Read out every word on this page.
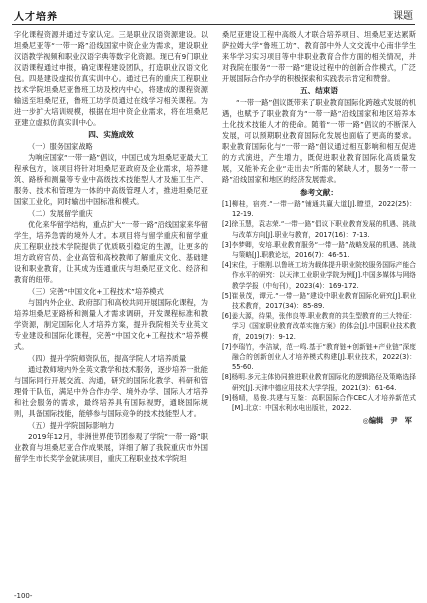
人才培养	课题

字化课程资源并通过专家认定。三是职业汉语资源建设。以坦桑尼亚等“一带一路”沿线国家中资企业为需求，建设职业汉语教学视频和职业汉语字典等数字化资源。现已有9门职业汉语课程通过申报，确定课程建设团队，打造职业汉语文化包。四是建设虚拟仿真实训中心。通过已有的重庆工程职业技术学院坦桑尼亚鲁班工坊及校内中心，将建成的课程资源输送至坦桑尼亚，鲁班工坊学员通过在线学习相关课程。为进一步扩大培训规模，根据在坦中资企业需求，将在坦桑尼亚建立虚拟仿真实训中心。

四、实施成效

（一）服务国家战略

为响应国家“一带一路”倡议，中国已成为坦桑尼亚最大工程承包方，该项目将针对坦桑尼亚政府及企业需求，培养建筑、路桥和测量等专业中高级技术技能型人才及施工生产、服务、技术和管理为一体的中高级管理人才，推进坦桑尼亚国家工业化，同时输出中国标准和模式。

（二）发展留学重庆

优化来华留学结构，重点扩大“一带一路”沿线国家来华留学生，培养急需的境外人才。本项目将与留学重庆和留学重庆工程职业技术学院提供了优质吸引稳定的生源，让更多的坦方政府官员、企业高管和高校教师了解重庆文化、基础建设和职业教育，让其成为连通重庆与坦桑尼亚文化、经济和教育的纽带。

（三）完善“中国文化+工程技术”培养模式

与国内外企业、政府部门和高校共同开展国际化课程，为培养坦桑尼亚路桥和测量人才需求调研，开发课程标准和教学资源，制定国际化人才培养方案，提升我院相关专业英文专业建设和国际化课程，完善“中国文化+工程技术”培养模式。

（四）提升学院师资队伍，提高学院人才培养质量

通过教师境内外全英文教学和技术服务，逐步培养一批能与国际同行开展交流、沟通，研究的国际化教学、科研和管理骨干队伍，满足中外合作办学、境外办学、国际人才培养和社会服务的需求，最终培养具有国际视野，通晓国际规则，具备国际技能，能够参与国际竞争的技术技能型人才。

（五）提升学院国际影响力

2019年12月，非洲世界使节团参观了学院“一带一路”职业教育与坦桑尼亚合作成果展，详细了解了我院重庆市外国留学生市长奖学金就读项目，重庆工程职业技术学院坦

桑尼亚建设工程中高级人才联合培养项目、坦桑尼亚达累斯萨拉姆大学“鲁班工坊”、教育部中外人文交流中心南非学生来华学习实习项目等中非职业教育合作方面的相关情况，并对我院在服务“一带一路”建设过程中的创新合作模式，广泛开展国际合作办学的积极探索和实践表示肯定和赞誉。

五、结束语

“一带一路”倡议既带来了职业教育国际化跨越式发展的机遇，也赋予了职业教育为“一带一路”沿线国家和地区培养本土化技术技能人才的使命。随着“一带一路”倡议的不断深入发展，可以预期职业教育国际化发展也面临了更高的要求。职业教育国际化与“一带一路”倡议通过相互影响和相互促进的方式演进，产生增力，既促进职业教育国际化高质量发展，又能补充企业“走出去”所需的紧缺人才，服务“一带一路”沿线国家和地区的经济发展需求。

参考文献：

[1]柳桂，宿亮.“一带一路”铺通共赢大道[J].瞭望，2022(25)：12-19.

[2]徐玉慧，袁志荣.“一带一路”倡议下职业教育发展的机遇、挑战与改革方向[J].职业与教育，2017(16)：7-13.

[3]李梦卿，安培.职业教育服务“一带一路”战略发展的机遇、挑战与策略[J].职教论坛，2016(7)：46-51.

[4]宋佳，于维刚.以鲁班工坊为载体提升职业院校服务国际产能合作水平的研究：以天津工业职业学院为例[J].中国多媒体与网络教学学报（中旬刊），2023(4)：169-172.

[5]崔景茂，谭元.“一带一路”建设中职业教育国际化研究[J].职业技术教育，2017(34)：85-89.

[6]姜大源，待果，张伟良等.职业教育的共生型教育的三大特征：学习《国家职业教育改革实施方案》的体会[J].中国职业技术教育，2019(7)：9-12.

[7]李瑞竹，李洁斌，范一鸣.基于“教育链+创新链+产业链”深度融合的创新创业人才培养模式构建[J].职业技术，2022(3)：55-60.

[8]杨明.多元主体协同推进职业教育国际化的逻辑路径及策略选择研究[J].天津中德应用技术大学学报，2021(3)：61-64.

[9]杨晴，易俊.共建与互鉴：高职国际合作CEC人才培养新范式[M].北京：中国水利水电出版社，2022.

◎编辑　尹　军
-100-
